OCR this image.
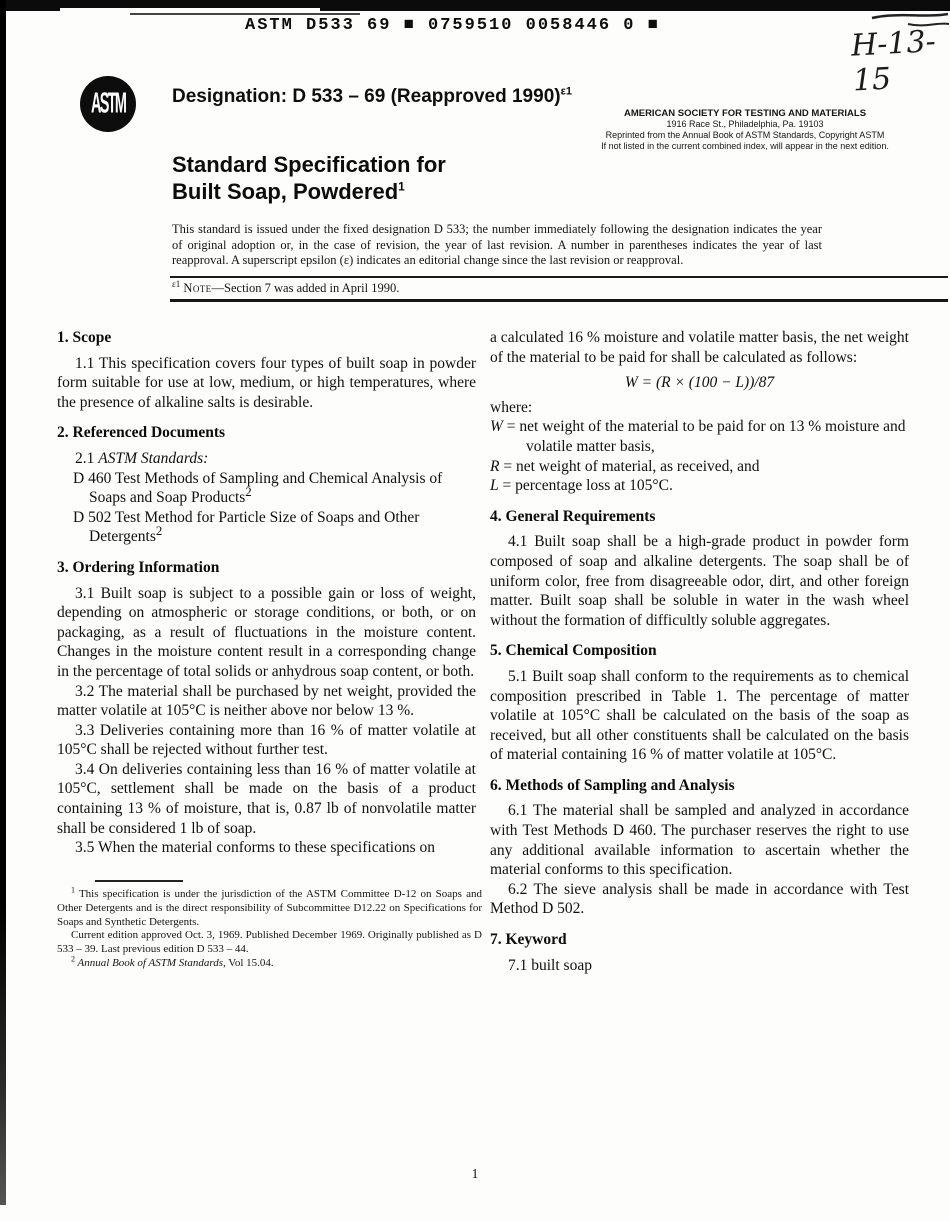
ASTM D533 69 ■ 0759510 0058446 0 ■	H-13-15
ASTM Designation: D 533 – 69 (Reapproved 1990)$^{\varepsilon 1}$
AMERICAN SOCIETY FOR TESTING AND MATERIALS
1916 Race St., Philadelphia, Pa. 19103
Reprinted from the Annual Book of ASTM Standards, Copyright ASTM
If not listed in the current combined index, will appear in the next edition.
Standard Specification for
Built Soap, Powdered$^1$
This standard is issued under the fixed designation D 533; the number immediately following the designation indicates the year of original adoption or, in the case of revision, the year of last revision. A number in parentheses indicates the year of last reapproval. A superscript epsilon (ε) indicates an editorial change since the last revision or reapproval.
$^{\varepsilon 1}$ Note—Section 7 was added in April 1990.
1. Scope

1.1 This specification covers four types of built soap in powder form suitable for use at low, medium, or high temperatures, where the presence of alkaline salts is desirable.

2. Referenced Documents

2.1 ASTM Standards:

D 460 Test Methods of Sampling and Chemical Analysis of Soaps and Soap Products$^2$
D 502 Test Method for Particle Size of Soaps and Other Detergents$^2$
3. Ordering Information

3.1 Built soap is subject to a possible gain or loss of weight, depending on atmospheric or storage conditions, or both, or on packaging, as a result of fluctuations in the moisture content. Changes in the moisture content result in a corresponding change in the percentage of total solids or anhydrous soap content, or both.

3.2 The material shall be purchased by net weight, provided the matter volatile at 105°C is neither above nor below 13 %.

3.3 Deliveries containing more than 16 % of matter volatile at 105°C shall be rejected without further test.

3.4 On deliveries containing less than 16 % of matter volatile at 105°C, settlement shall be made on the basis of a product containing 13 % of moisture, that is, 0.87 lb of nonvolatile matter shall be considered 1 lb of soap.

3.5 When the material conforms to these specifications on

a calculated 16 % moisture and volatile matter basis, the net weight of the material to be paid for shall be calculated as follows:

W = (R × (100 − L))/87

where:

W = net weight of the material to be paid for on 13 % moisture and volatile matter basis,
R = net weight of material, as received, and
L = percentage loss at 105°C.
4. General Requirements

4.1 Built soap shall be a high-grade product in powder form composed of soap and alkaline detergents. The soap shall be of uniform color, free from disagreeable odor, dirt, and other foreign matter. Built soap shall be soluble in water in the wash wheel without the formation of difficultly soluble aggregates.

5. Chemical Composition

5.1 Built soap shall conform to the requirements as to chemical composition prescribed in Table 1. The percentage of matter volatile at 105°C shall be calculated on the basis of the soap as received, but all other constituents shall be calculated on the basis of material containing 16 % of matter volatile at 105°C.

6. Methods of Sampling and Analysis

6.1 The material shall be sampled and analyzed in accordance with Test Methods D 460. The purchaser reserves the right to use any additional available information to ascertain whether the material conforms to this specification.

6.2 The sieve analysis shall be made in accordance with Test Method D 502.

7. Keyword

7.1 built soap

$^1$ This specification is under the jurisdiction of the ASTM Committee D-12 on Soaps and Other Detergents and is the direct responsibility of Subcommittee D12.22 on Specifications for Soaps and Synthetic Detergents.

Current edition approved Oct. 3, 1969. Published December 1969. Originally published as D 533 – 39. Last previous edition D 533 – 44.

$^2$ Annual Book of ASTM Standards, Vol 15.04.

1
